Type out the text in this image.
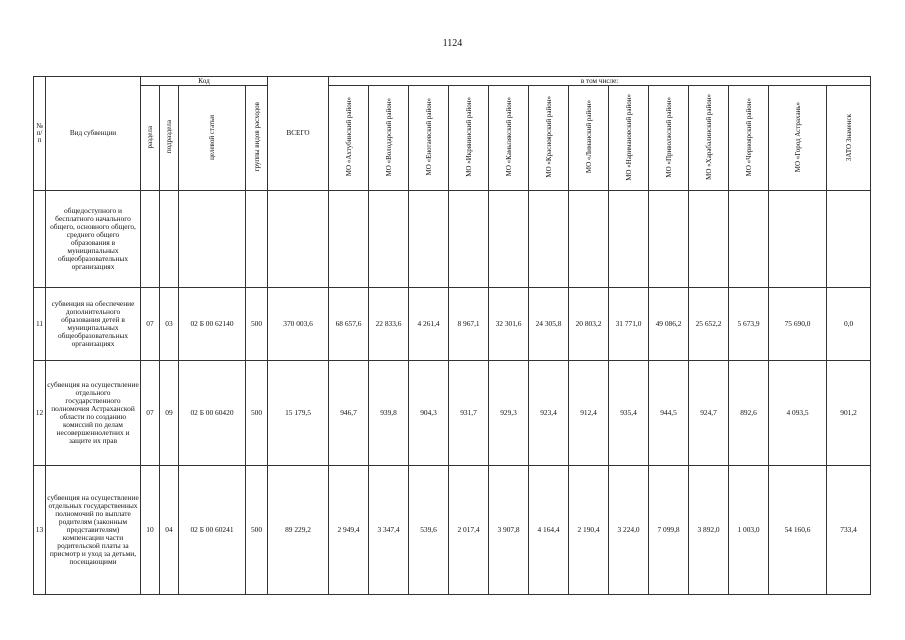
1124
№ п/п	Вид субвенции	Код				ВСЕГО	в том числе:												
		раздела	подраздела	целевой статьи	группы видов расходов		МО «Ахтубинский район»	МО «Володарский район»	МО «Енотаевский район»	МО «Икрянинский район»	МО «Камызякский район»	МО «Красноярский район»	МО «Лиманский район»	МО «Наримановский район»	МО «Приволжский район»	МО «Харабалинский район»	МО «Черноярский район»	МО «Город Астрахань»	ЗАТО Знаменск
	общедоступного и бесплатного начального общего, основного общего, среднего общего образования в муниципальных общеобразовательных организациях																		
11	субвенция на обеспечение дополнительного образования детей в муниципальных общеобразовательных организациях	07	03	02 Б 00 62140	500	370 003,6	68 657,6	22 833,6	4 261,4	8 967,1	32 301,6	24 305,8	20 803,2	31 771,0	49 086,2	25 652,2	5 673,9	75 690,0	0,0
12	субвенция на осуществление отдельного государственного полномочия Астраханской области по созданию комиссий по делам несовершеннолетних и защите их прав	07	09	02 Б 00 60420	500	15 179,5	946,7	939,8	904,3	931,7	929,3	923,4	912,4	935,4	944,5	924,7	892,6	4 093,5	901,2
13	субвенция на осуществление отдельных государственных полномочий по выплате родителям (законным представителям) компенсации части родительской платы за присмотр и уход за детьми, посещающими	10	04	02 Б 00 60241	500	89 229,2	2 949,4	3 347,4	539,6	2 017,4	3 907,8	4 164,4	2 190,4	3 224,0	7 099,8	3 892,0	1 003,0	54 160,6	733,4
